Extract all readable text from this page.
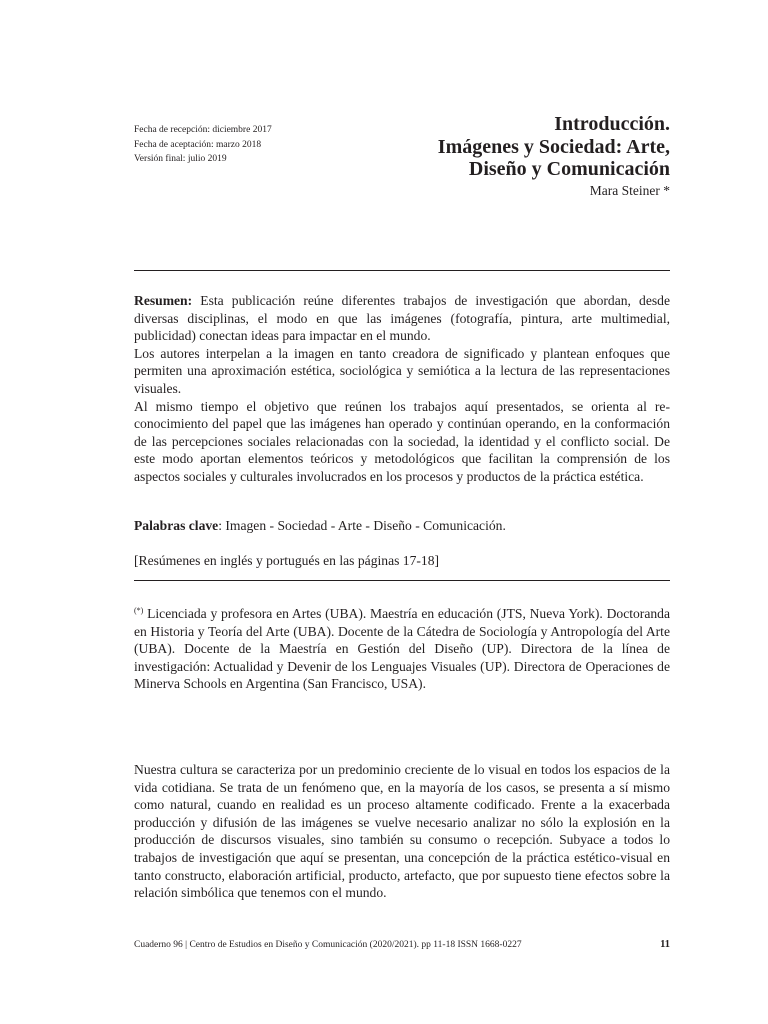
Fecha de recepción: diciembre 2017
Fecha de aceptación: marzo 2018
Versión final: julio 2019
Introducción.
Imágenes y Sociedad: Arte,
Diseño y Comunicación
Mara Steiner *

Resumen: Esta publicación reúne diferentes trabajos de investigación que abordan, desde diversas disciplinas, el modo en que las imágenes (fotografía, pintura, arte multimedial, publicidad) conectan ideas para impactar en el mundo.

Los autores interpelan a la imagen en tanto creadora de significado y plantean enfoques que permiten una aproximación estética, sociológica y semiótica a la lectura de las representaciones visuales.

Al mismo tiempo el objetivo que reúnen los trabajos aquí presentados, se orienta al reconocimiento del papel que las imágenes han operado y continúan operando, en la conformación de las percepciones sociales relacionadas con la sociedad, la identidad y el conflicto social. De este modo aportan elementos teóricos y metodológicos que facilitan la comprensión de los aspectos sociales y culturales involucrados en los procesos y productos de la práctica estética.

Palabras clave: Imagen - Sociedad - Arte - Diseño - Comunicación.

[Resúmenes en inglés y portugués en las páginas 17-18]

(*) Licenciada y profesora en Artes (UBA). Maestría en educación (JTS, Nueva York). Doctoranda en Historia y Teoría del Arte (UBA). Docente de la Cátedra de Sociología y Antropología del Arte (UBA). Docente de la Maestría en Gestión del Diseño (UP). Directora de la línea de investigación: Actualidad y Devenir de los Lenguajes Visuales (UP). Directora de Operaciones de Minerva Schools en Argentina (San Francisco, USA).

Nuestra cultura se caracteriza por un predominio creciente de lo visual en todos los espacios de la vida cotidiana. Se trata de un fenómeno que, en la mayoría de los casos, se presenta a sí mismo como natural, cuando en realidad es un proceso altamente codificado. Frente a la exacerbada producción y difusión de las imágenes se vuelve necesario analizar no sólo la explosión en la producción de discursos visuales, sino también su consumo o recepción. Subyace a todos lo trabajos de investigación que aquí se presentan, una concepción de la práctica estético-visual en tanto constructo, elaboración artificial, producto, artefacto, que por supuesto tiene efectos sobre la relación simbólica que tenemos con el mundo.
Cuaderno 96 | Centro de Estudios en Diseño y Comunicación (2020/2021). pp 11-18 ISSN 1668-0227	11
